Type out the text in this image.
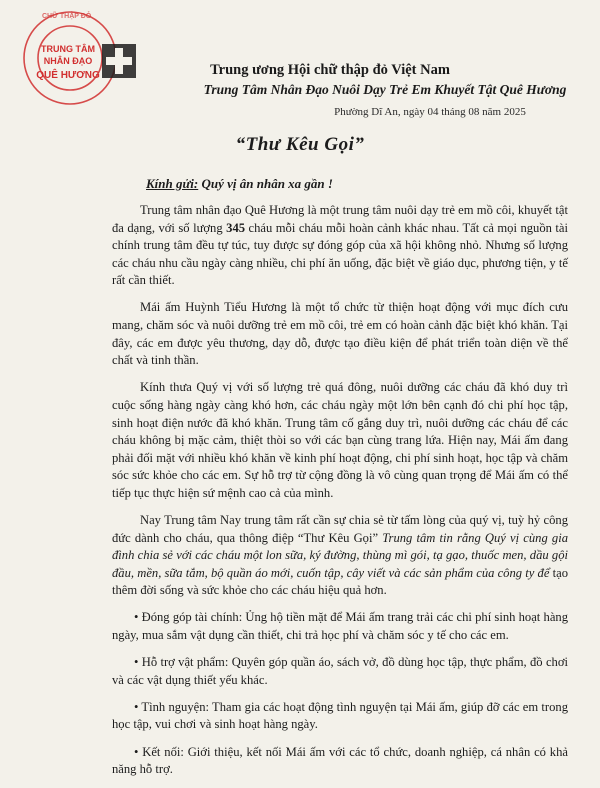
CHỮ THẬP ĐỎ
TRUNG TÂM
NHÂN ĐẠO
QUÊ HƯƠNG	Trung ương Hội chữ thập đỏ Việt Nam
Trung Tâm Nhân Đạo Nuôi Dạy Trẻ Em Khuyết Tật Quê Hương
Phường Dĩ An, ngày 04 tháng 08 năm 2025
“Thư Kêu Gọi”
Kính gửi: Quý vị ân nhân xa gần !

Trung tâm nhân đạo Quê Hương là một trung tâm nuôi dạy trẻ em mồ côi, khuyết tật đa dạng, với số lượng 345 cháu mỗi cháu mỗi hoàn cảnh khác nhau. Tất cả mọi nguồn tài chính trung tâm đều tự túc, tuy được sự đóng góp của xã hội không nhỏ. Nhưng số lượng các cháu nhu cầu ngày càng nhiều, chi phí ăn uống, đặc biệt về giáo dục, phương tiện, y tế rất cần thiết.

Mái ấm Huỳnh Tiểu Hương là một tổ chức từ thiện hoạt động với mục đích cưu mang, chăm sóc và nuôi dưỡng trẻ em mồ côi, trẻ em có hoàn cảnh đặc biệt khó khăn. Tại đây, các em được yêu thương, dạy dỗ, được tạo điều kiện để phát triển toàn diện về thể chất và tinh thần.

Kính thưa Quý vị với số lượng trẻ quá đông, nuôi dưỡng các cháu đã khó duy trì cuộc sống hàng ngày càng khó hơn, các cháu ngày một lớn bên cạnh đó chi phí học tập, sinh hoạt điện nước đã khó khăn. Trung tâm cố gắng duy trì, nuôi dưỡng các cháu để các cháu không bị mặc cảm, thiệt thòi so với các bạn cùng trang lứa. Hiện nay, Mái ấm đang phải đối mặt với nhiều khó khăn về kinh phí hoạt động, chi phí sinh hoạt, học tập và chăm sóc sức khỏe cho các em. Sự hỗ trợ từ cộng đồng là vô cùng quan trọng để Mái ấm có thể tiếp tục thực hiện sứ mệnh cao cả của mình.

Nay Trung tâm Nay trung tâm rất cần sự chia sẻ từ tấm lòng của quý vị, tuỳ hỷ công đức dành cho cháu, qua thông điệp “Thư Kêu Gọi” Trung tâm tin rằng Quý vị cùng gia đình chia sẻ với các cháu một lon sữa, ký đường, thùng mì gói, tạ gạo, thuốc men, dầu gội đầu, mền, sữa tắm, bộ quần áo mới, cuốn tập, cây viết và các sản phẩm của công ty để tạo thêm đời sống và sức khỏe cho các cháu hiệu quả hơn.

• Đóng góp tài chính: Ủng hộ tiền mặt để Mái ấm trang trải các chi phí sinh hoạt hàng ngày, mua sắm vật dụng cần thiết, chi trả học phí và chăm sóc y tế cho các em.

• Hỗ trợ vật phẩm: Quyên góp quần áo, sách vở, đồ dùng học tập, thực phẩm, đồ chơi và các vật dụng thiết yếu khác.

• Tình nguyện: Tham gia các hoạt động tình nguyện tại Mái ấm, giúp đỡ các em trong học tập, vui chơi và sinh hoạt hàng ngày.

• Kết nối: Giới thiệu, kết nối Mái ấm với các tổ chức, doanh nghiệp, cá nhân có khả năng hỗ trợ.
